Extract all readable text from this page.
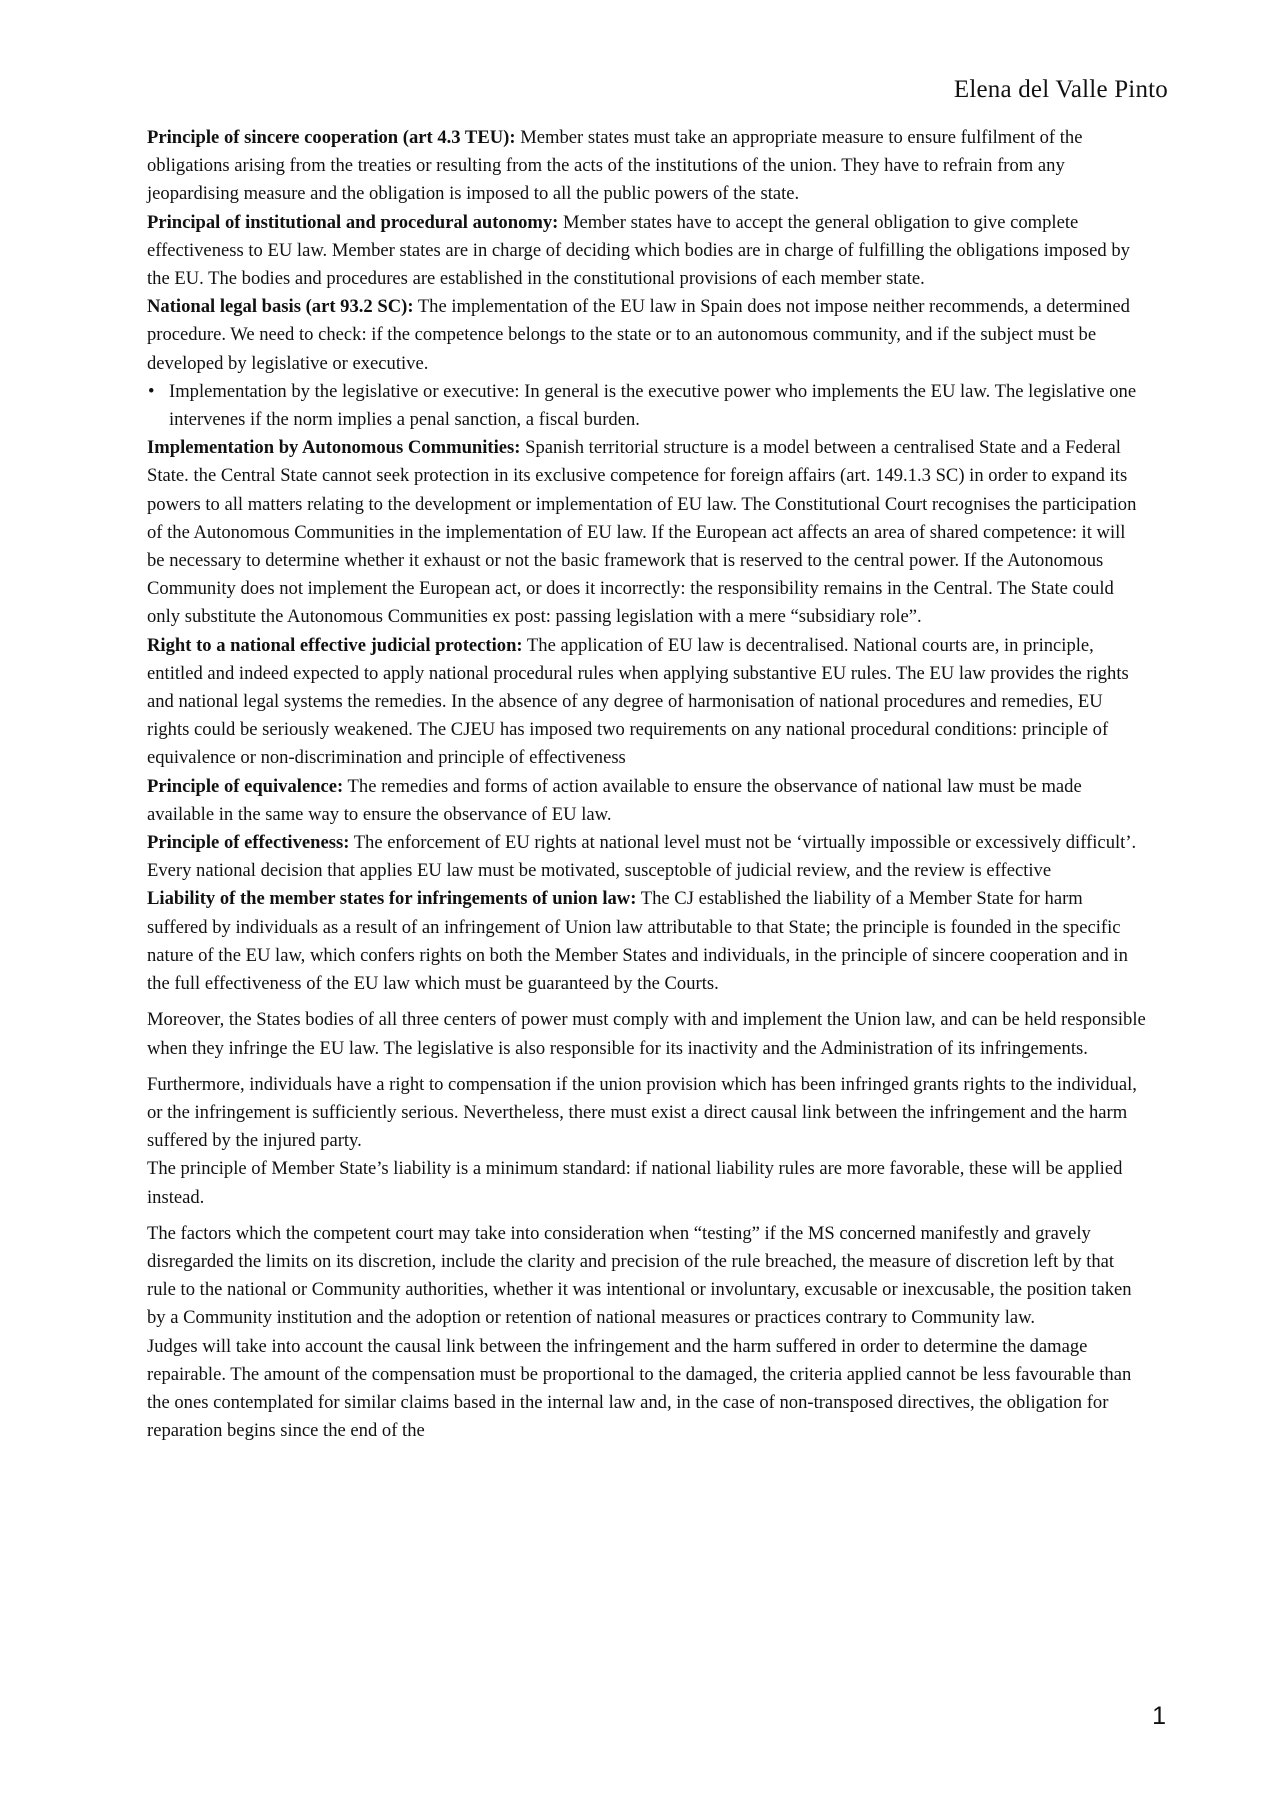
Elena del Valle Pinto

Principle of sincere cooperation (art 4.3 TEU): Member states must take an appropriate measure to ensure fulfilment of the obligations arising from the treaties or resulting from the acts of the institutions of the union. They have to refrain from any jeopardising measure and the obligation is imposed to all the public powers of the state.

Principal of institutional and procedural autonomy: Member states have to accept the general obligation to give complete effectiveness to EU law. Member states are in charge of deciding which bodies are in charge of fulfilling the obligations imposed by the EU. The bodies and procedures are established in the constitutional provisions of each member state.

National legal basis (art 93.2 SC): The implementation of the EU law in Spain does not impose neither recommends, a determined procedure. We need to check: if the competence belongs to the state or to an autonomous community, and if the subject must be developed by legislative or executive.

• Implementation by the legislative or executive: In general is the executive power who implements the EU law. The legislative one intervenes if the norm implies a penal sanction, a fiscal burden.

Implementation by Autonomous Communities: Spanish territorial structure is a model between a centralised State and a Federal State. the Central State cannot seek protection in its exclusive competence for foreign affairs (art. 149.1.3 SC) in order to expand its powers to all matters relating to the development or implementation of EU law. The Constitutional Court recognises the participation of the Autonomous Communities in the implementation of EU law. If the European act affects an area of shared competence: it will be necessary to determine whether it exhaust or not the basic framework that is reserved to the central power. If the Autonomous Community does not implement the European act, or does it incorrectly: the responsibility remains in the Central. The State could only substitute the Autonomous Communities ex post: passing legislation with a mere “subsidiary role”.

Right to a national effective judicial protection: The application of EU law is decentralised. National courts are, in principle, entitled and indeed expected to apply national procedural rules when applying substantive EU rules. The EU law provides the rights and national legal systems the remedies. In the absence of any degree of harmonisation of national procedures and remedies, EU rights could be seriously weakened. The CJEU has imposed two requirements on any national procedural conditions: principle of equivalence or non-discrimination and principle of effectiveness

Principle of equivalence: The remedies and forms of action available to ensure the observance of national law must be made available in the same way to ensure the observance of EU law.

Principle of effectiveness: The enforcement of EU rights at national level must not be ‘virtually impossible or excessively difficult’. Every national decision that applies EU law must be motivated, susceptoble of judicial review, and the review is effective

Liability of the member states for infringements of union law: The CJ established the liability of a Member State for harm suffered by individuals as a result of an infringement of Union law attributable to that State; the principle is founded in the specific nature of the EU law, which confers rights on both the Member States and individuals, in the principle of sincere cooperation and in the full effectiveness of the EU law which must be guaranteed by the Courts.

Moreover, the States bodies of all three centers of power must comply with and implement the Union law, and can be held responsible when they infringe the EU law. The legislative is also responsible for its inactivity and the Administration of its infringements.

Furthermore, individuals have a right to compensation if the union provision which has been infringed grants rights to the individual, or the infringement is sufficiently serious. Nevertheless, there must exist a direct causal link between the infringement and the harm suffered by the injured party.

The principle of Member State’s liability is a minimum standard: if national liability rules are more favorable, these will be applied instead.

The factors which the competent court may take into consideration when “testing” if the MS concerned manifestly and gravely disregarded the limits on its discretion, include the clarity and precision of the rule breached, the measure of discretion left by that rule to the national or Community authorities, whether it was intentional or involuntary, excusable or inexcusable, the position taken by a Community institution and the adoption or retention of national measures or practices contrary to Community law.

Judges will take into account the causal link between the infringement and the harm suffered in order to determine the damage repairable. The amount of the compensation must be proportional to the damaged, the criteria applied cannot be less favourable than the ones contemplated for similar claims based in the internal law and, in the case of non-transposed directives, the obligation for reparation begins since the end of the

1
